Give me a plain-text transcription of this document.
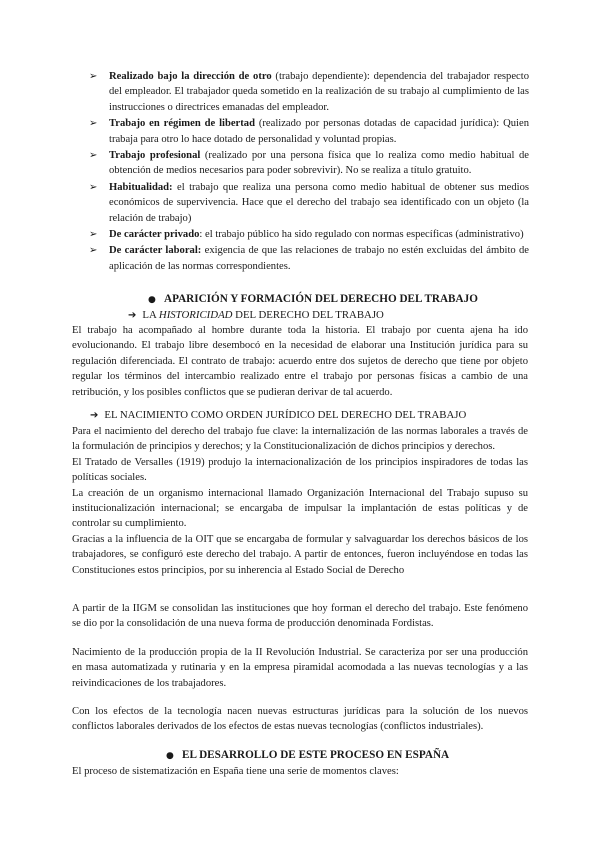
➢ Realizado bajo la dirección de otro (trabajo dependiente): dependencia del trabajador respecto del empleador. El trabajador queda sometido en la realización de su trabajo al cumplimiento de las instrucciones o directrices emanadas del empleador.
➢ Trabajo en régimen de libertad (realizado por personas dotadas de capacidad jurídica): Quien trabaja para otro lo hace dotado de personalidad y voluntad propias.
➢ Trabajo profesional (realizado por una persona física que lo realiza como medio habitual de obtención de medios necesarios para poder sobrevivir). No se realiza a título gratuito.
➢ Habitualidad: el trabajo que realiza una persona como medio habitual de obtener sus medios económicos de supervivencia. Hace que el derecho del trabajo sea identificado con un objeto (la relación de trabajo)
➢ De carácter privado: el trabajo público ha sido regulado con normas específicas (administrativo)
➢ De carácter laboral: exigencia de que las relaciones de trabajo no estén excluidas del ámbito de aplicación de las normas correspondientes.
● APARICIÓN Y FORMACIÓN DEL DERECHO DEL TRABAJO
➔ LA HISTORICIDAD DEL DERECHO DEL TRABAJO

El trabajo ha acompañado al hombre durante toda la historia. El trabajo por cuenta ajena ha ido evolucionando. El trabajo libre desembocó en la necesidad de elaborar una Institución jurídica para su regulación diferenciada. El contrato de trabajo: acuerdo entre dos sujetos de derecho que tiene por objeto regular los términos del intercambio realizado entre el trabajo por personas físicas a cambio de una retribución, y los posibles conflictos que se pudieran derivar de tal acuerdo.

➔ EL NACIMIENTO COMO ORDEN JURÍDICO DEL DERECHO DEL TRABAJO

Para el nacimiento del derecho del trabajo fue clave: la internalización de las normas laborales a través de la formulación de principios y derechos; y la Constitucionalización de dichos principios y derechos.

El Tratado de Versalles (1919) produjo la internacionalización de los principios inspiradores de todas las políticas sociales.

La creación de un organismo internacional llamado Organización Internacional del Trabajo supuso su institucionalización internacional; se encargaba de impulsar la implantación de estas políticas y de controlar su cumplimiento.

Gracias a la influencia de la OIT que se encargaba de formular y salvaguardar los derechos básicos de los trabajadores, se configuró este derecho del trabajo. A partir de entonces, fueron incluyéndose en todas las Constituciones estos principios, por su inherencia al Estado Social de Derecho

A partir de la IIGM se consolidan las instituciones que hoy forman el derecho del trabajo. Este fenómeno se dio por la consolidación de una nueva forma de producción denominada Fordistas.

Nacimiento de la producción propia de la II Revolución Industrial. Se caracteriza por ser una producción en masa automatizada y rutinaria y en la empresa piramidal acomodada a las nuevas tecnologías y a las reivindicaciones de los trabajadores.

Con los efectos de la tecnología nacen nuevas estructuras jurídicas para la solución de los nuevos conflictos laborales derivados de los efectos de estas nuevas tecnologías (conflictos industriales).

● EL DESARROLLO DE ESTE PROCESO EN ESPAÑA

El proceso de sistematización en España tiene una serie de momentos claves:
